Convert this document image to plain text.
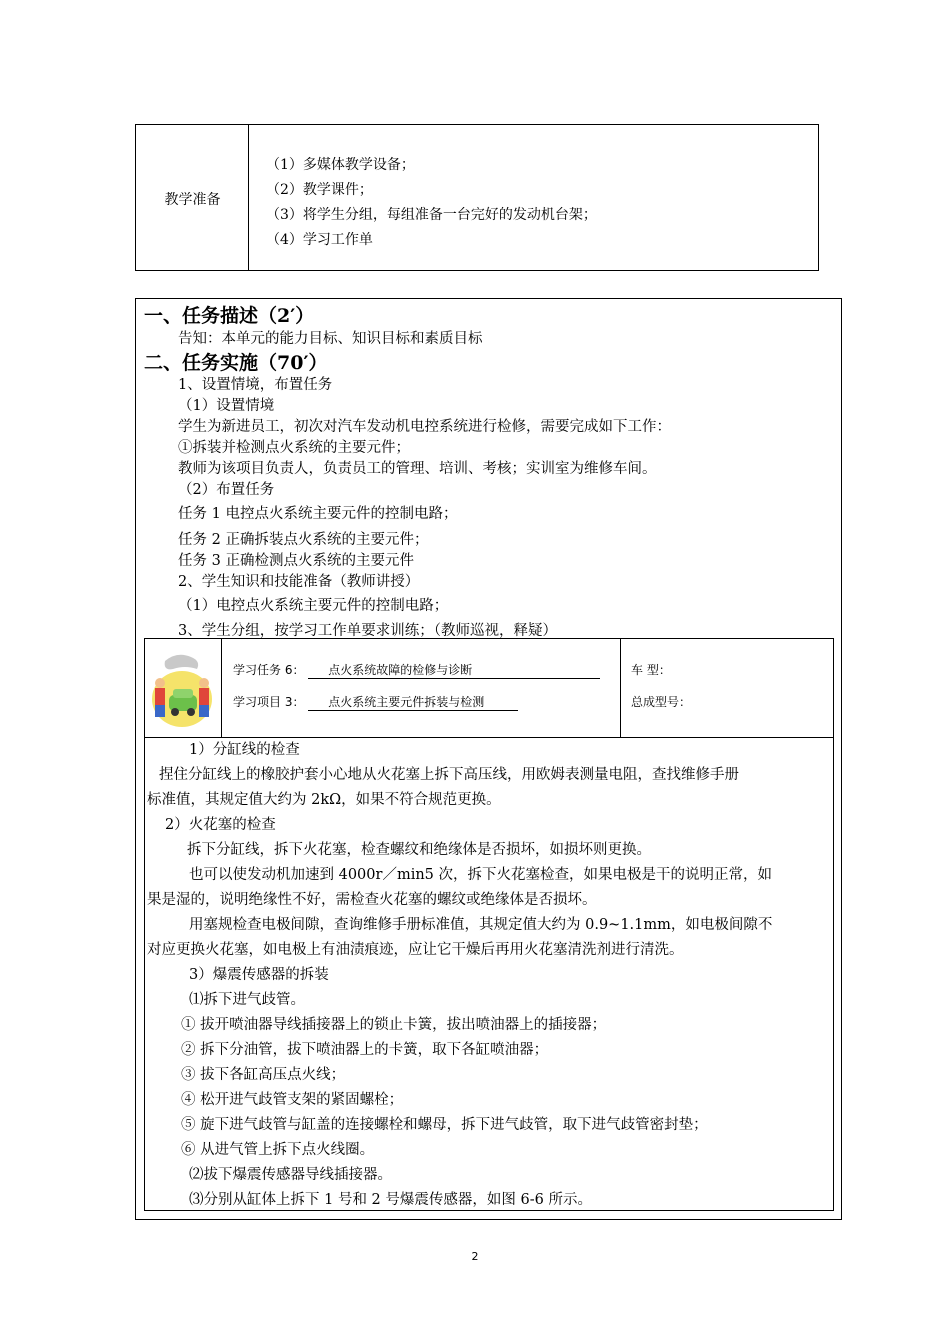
教学准备
（1）多媒体教学设备；
（2）教学课件；
（3）将学生分组，每组准备一台完好的发动机台架；
（4）学习工作单
一、任务描述（2′）
告知：本单元的能力目标、知识目标和素质目标
二、任务实施（70′）
1、设置情境，布置任务
（1）设置情境
学生为新进员工，初次对汽车发动机电控系统进行检修，需要完成如下工作：
①拆装并检测点火系统的主要元件；
教师为该项目负责人，负责员工的管理、培训、考核；实训室为维修车间。
（2）布置任务
任务 1 电控点火系统主要元件的控制电路；
任务 2 正确拆装点火系统的主要元件；
任务 3 正确检测点火系统的主要元件
2、学生知识和技能准备（教师讲授）
（1）电控点火系统主要元件的控制电路；
3、学生分组，按学习工作单要求训练；（教师巡视，释疑）
学习任务 6： 点火系统故障的检修与诊断
学习项目 3： 点火系统主要元件拆装与检测
车 型：
总成型号：
1）分缸线的检查
捏住分缸线上的橡胶护套小心地从火花塞上拆下高压线，用欧姆表测量电阻，查找维修手册
标准值，其规定值大约为 2kΩ，如果不符合规范更换。
2）火花塞的检查
拆下分缸线，拆下火花塞，检查螺纹和绝缘体是否损坏，如损坏则更换。
也可以使发动机加速到 4000r／min5 次，拆下火花塞检查，如果电极是干的说明正常，如
果是湿的，说明绝缘性不好，需检查火花塞的螺纹或绝缘体是否损坏。
用塞规检查电极间隙，查询维修手册标准值，其规定值大约为 0.9~1.1mm，如电极间隙不
对应更换火花塞，如电极上有油渍痕迹，应让它干燥后再用火花塞清洗剂进行清洗。
3）爆震传感器的拆装
⑴拆下进气歧管。
① 拔开喷油器导线插接器上的锁止卡簧，拔出喷油器上的插接器；
② 拆下分油管，拔下喷油器上的卡簧，取下各缸喷油器；
③ 拔下各缸高压点火线；
④ 松开进气歧管支架的紧固螺栓；
⑤ 旋下进气歧管与缸盖的连接螺栓和螺母，拆下进气歧管，取下进气歧管密封垫；
⑥ 从进气管上拆下点火线圈。
⑵拔下爆震传感器导线插接器。
⑶分别从缸体上拆下 1 号和 2 号爆震传感器，如图 6-6 所示。
2
